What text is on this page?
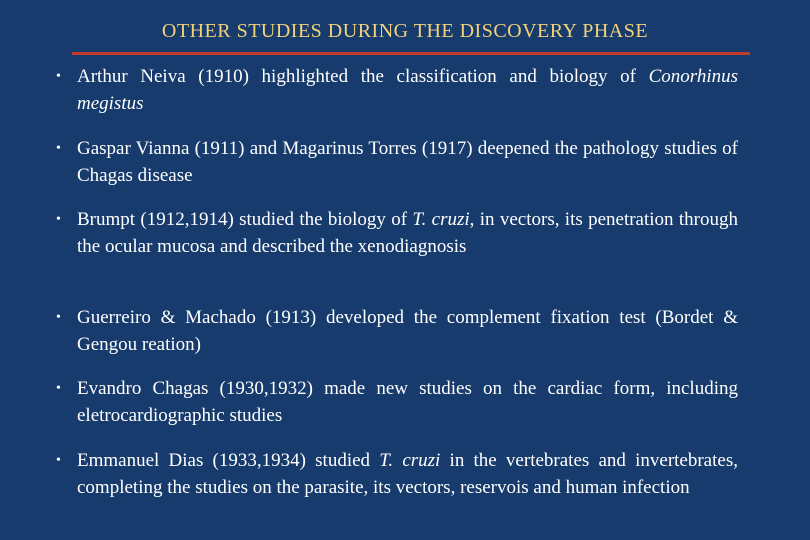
OTHER STUDIES DURING THE DISCOVERY PHASE
• Arthur Neiva (1910) highlighted the classification and biology of Conorhinus megistus
• Gaspar Vianna (1911) and Magarinus Torres (1917) deepened the pathology studies of Chagas disease
• Brumpt (1912,1914) studied the biology of T. cruzi, in vectors, its penetration through the ocular mucosa and described the xenodiagnosis
• Guerreiro & Machado (1913) developed the complement fixation test (Bordet & Gengou reation)
• Evandro Chagas (1930,1932) made new studies on the cardiac form, including eletrocardiographic studies
• Emmanuel Dias (1933,1934) studied T. cruzi in the vertebrates and invertebrates, completing the studies on the parasite, its vectors, reservois and human infection
